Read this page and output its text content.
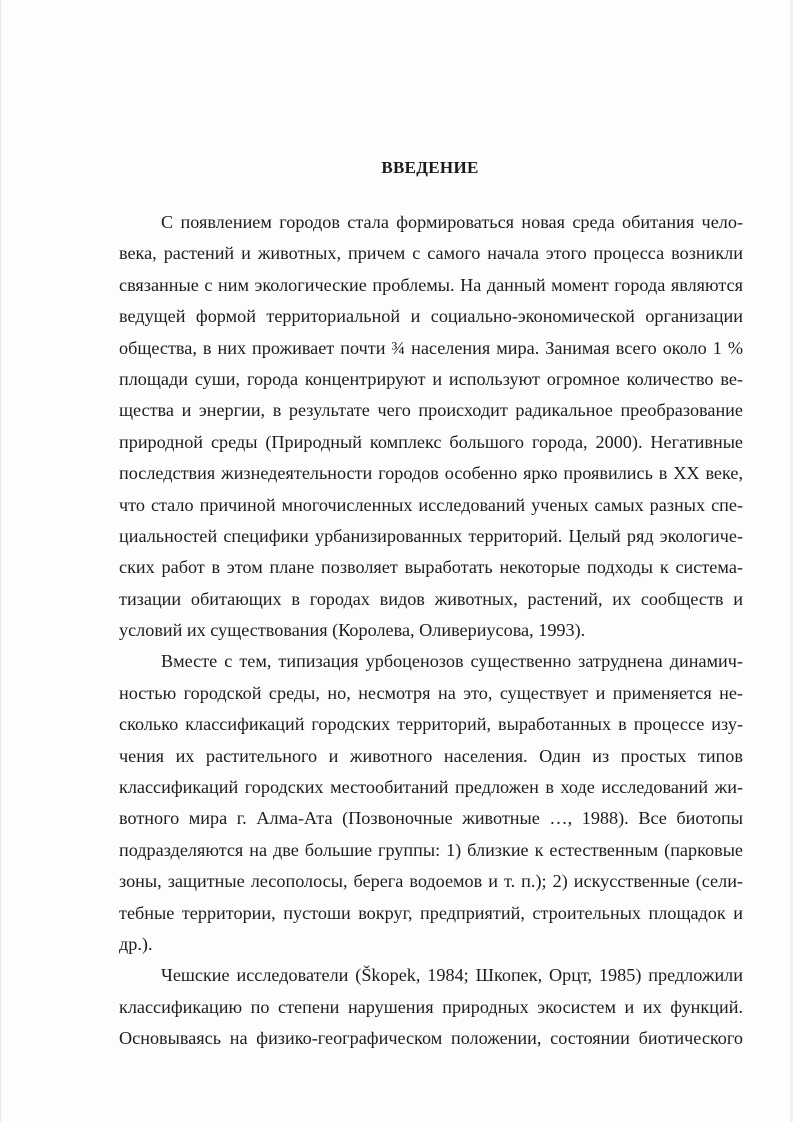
ВВЕДЕНИЕ
С появлением городов стала формироваться новая среда обитания чело-
века, растений и животных, причем с самого начала этого процесса возникли
связанные с ним экологические проблемы. На данный момент города являются
ведущей формой территориальной и социально-экономической организации
общества, в них проживает почти ¾ населения мира. Занимая всего около 1 %
площади суши, города концентрируют и используют огромное количество ве-
щества и энергии, в результате чего происходит радикальное преобразование
природной среды (Природный комплекс большого города, 2000). Негативные
последствия жизнедеятельности городов особенно ярко проявились в XX веке,
что стало причиной многочисленных исследований ученых самых разных спе-
циальностей специфики урбанизированных территорий. Целый ряд экологиче-
ских работ в этом плане позволяет выработать некоторые подходы к системa-
тизации обитающих в городах видов животных, растений, их сообществ и
условий их существования (Королева, Оливериусова, 1993).
Вместе с тем, типизация урбоценозов существенно затруднена динамич-
ностью городской среды, но, несмотря на это, существует и применяется не-
сколько классификаций городских территорий, выработанных в процессе изу-
чения их растительного и животного населения. Один из простых типов
классификаций городских местообитаний предложен в ходе исследований жи-
вотного мира г. Алма-Ата (Позвоночные животные …, 1988). Все биотопы
подразделяются на две большие группы: 1) близкие к естественным (парковые
зоны, защитные лесополосы, берега водоемов и т. п.); 2) искусственные (сели-
тебные территории, пустоши вокруг, предприятий, строительных площадок и
др.).
Чешские исследователи (Škopek, 1984; Шкопек, Орцт, 1985) предложили
классификацию по степени нарушения природных экосистем и их функций.
Основываясь на физико-географическом положении, состоянии биотического
